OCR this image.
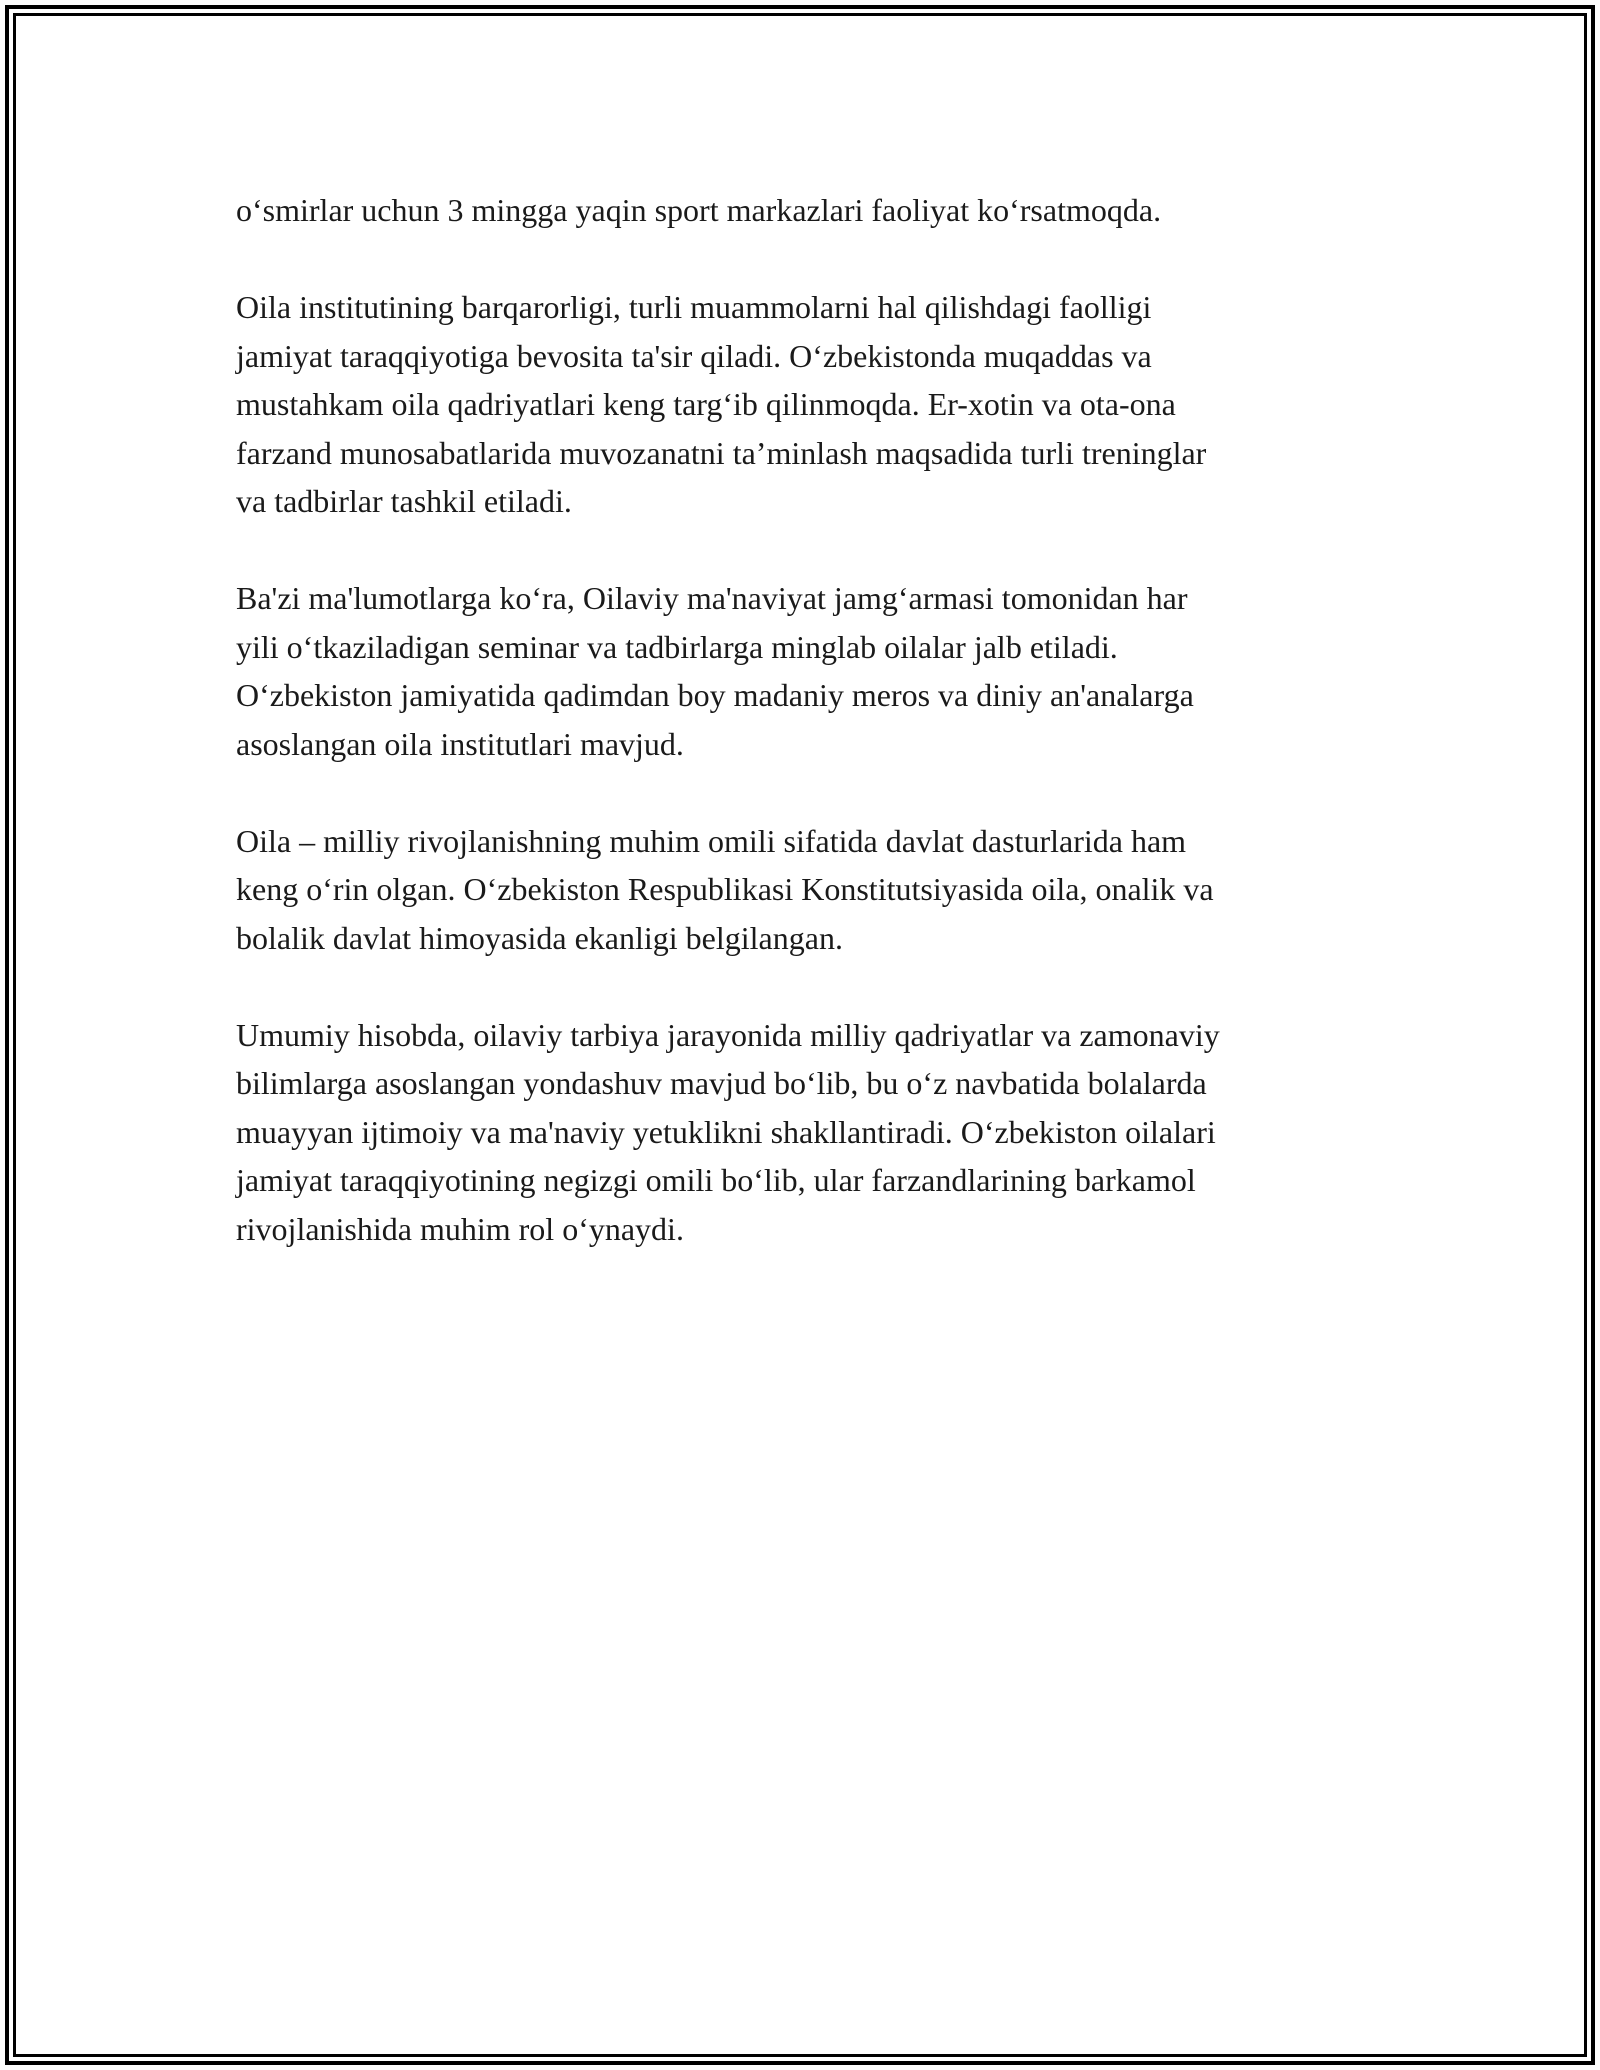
o‘smirlar uchun 3 mingga yaqin sport markazlari faoliyat ko‘rsatmoqda.
Oila institutining barqarorligi, turli muammolarni hal qilishdagi faolligi
jamiyat taraqqiyotiga bevosita ta'sir qiladi. O‘zbekistonda muqaddas va
mustahkam oila qadriyatlari keng targ‘ib qilinmoqda. Er-xotin va ota-ona
farzand munosabatlarida muvozanatni ta’minlash maqsadida turli treninglar
va tadbirlar tashkil etiladi.
Ba'zi ma'lumotlarga ko‘ra, Oilaviy ma'naviyat jamg‘armasi tomonidan har
yili o‘tkaziladigan seminar va tadbirlarga minglab oilalar jalb etiladi.
O‘zbekiston jamiyatida qadimdan boy madaniy meros va diniy an'analarga
asoslangan oila institutlari mavjud.
Oila – milliy rivojlanishning muhim omili sifatida davlat dasturlarida ham
keng o‘rin olgan. O‘zbekiston Respublikasi Konstitutsiyasida oila, onalik va
bolalik davlat himoyasida ekanligi belgilangan.
Umumiy hisobda, oilaviy tarbiya jarayonida milliy qadriyatlar va zamonaviy
bilimlarga asoslangan yondashuv mavjud bo‘lib, bu o‘z navbatida bolalarda
muayyan ijtimoiy va ma'naviy yetuklikni shakllantiradi. O‘zbekiston oilalari
jamiyat taraqqiyotining negizgi omili bo‘lib, ular farzandlarining barkamol
rivojlanishida muhim rol o‘ynaydi.
